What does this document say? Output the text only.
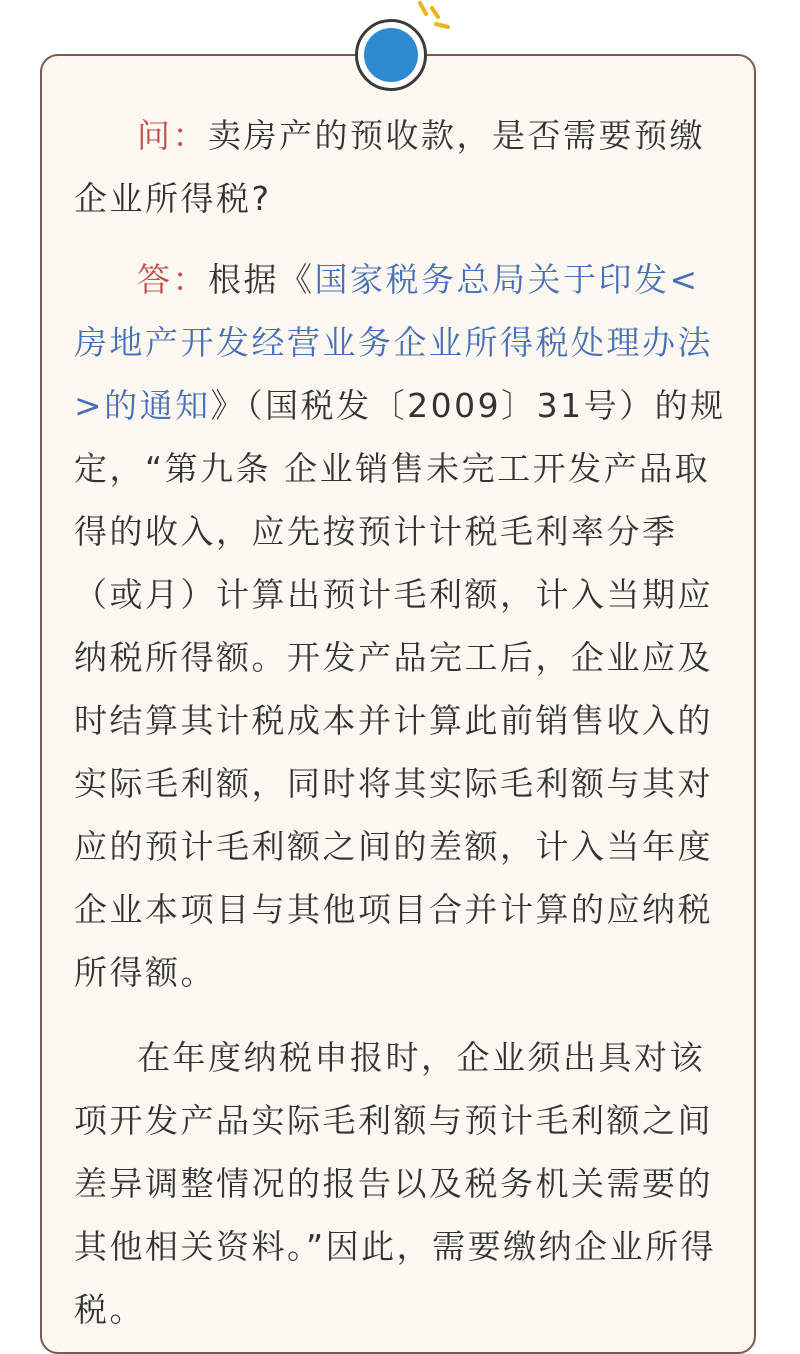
问：卖房产的预收款，是否需要预缴企业所得税?

答：根据《国家税务总局关于印发<房地产开发经营业务企业所得税处理办法>的通知》（国税发〔2009〕31号）的规定，“第九条 企业销售未完工开发产品取得的收入，应先按预计计税毛利率分季（或月）计算出预计毛利额，计入当期应纳税所得额。开发产品完工后，企业应及时结算其计税成本并计算此前销售收入的实际毛利额，同时将其实际毛利额与其对应的预计毛利额之间的差额，计入当年度企业本项目与其他项目合并计算的应纳税所得额。

在年度纳税申报时，企业须出具对该项开发产品实际毛利额与预计毛利额之间差异调整情况的报告以及税务机关需要的其他相关资料。”因此，需要缴纳企业所得税。
